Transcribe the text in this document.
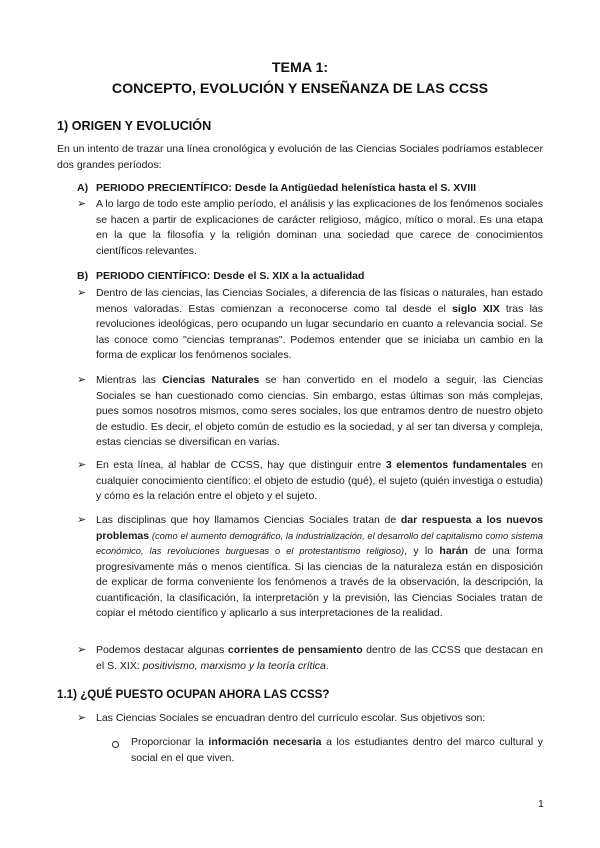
TEMA 1:
CONCEPTO, EVOLUCIÓN Y ENSEÑANZA DE LAS CCSS
1) ORIGEN Y EVOLUCIÓN

En un intento de trazar una línea cronológica y evolución de las Ciencias Sociales podríamos establecer dos grandes períodos:

A) PERIODO PRECIENTÍFICO: Desde la Antigüedad helenística hasta el S. XVIII
➢ A lo largo de todo este amplio período, el análisis y las explicaciones de los fenómenos sociales se hacen a partir de explicaciones de carácter religioso, mágico, mítico o moral. Es una etapa en la que la filosofía y la religión dominan una sociedad que carece de conocimientos científicos relevantes.

B) PERIODO CIENTÍFICO: Desde el S. XIX a la actualidad
➢ Dentro de las ciencias, las Ciencias Sociales, a diferencia de las físicas o naturales, han estado menos valoradas. Estas comienzan a reconocerse como tal desde el siglo XIX tras las revoluciones ideológicas, pero ocupando un lugar secundario en cuanto a relevancia social. Se las conoce como "ciencias tempranas". Podemos entender que se iniciaba un cambio en la forma de explicar los fenómenos sociales.

➢ Mientras las Ciencias Naturales se han convertido en el modelo a seguir, las Ciencias Sociales se han cuestionado como ciencias. Sin embargo, estas últimas son más complejas, pues somos nosotros mismos, como seres sociales, los que entramos dentro de nuestro objeto de estudio. Es decir, el objeto común de estudio es la sociedad, y al ser tan diversa y compleja, estas ciencias se diversifican en varias.

➢ En esta línea, al hablar de CCSS, hay que distinguir entre 3 elementos fundamentales en cualquier conocimiento científico: el objeto de estudio (qué), el sujeto (quién investiga o estudia) y cómo es la relación entre el objeto y el sujeto.

➢ Las disciplinas que hoy llamamos Ciencias Sociales tratan de dar respuesta a los nuevos problemas (como el aumento demográfico, la industrialización, el desarrollo del capitalismo como sistema económico, las revoluciones burguesas o el protestantismo religioso), y lo harán de una forma progresivamente más o menos científica. Si las ciencias de la naturaleza están en disposición de explicar de forma conveniente los fenómenos a través de la observación, la descripción, la cuantificación, la clasificación, la interpretación y la previsión, las Ciencias Sociales tratan de copiar el método científico y aplicarlo a sus interpretaciones de la realidad.

➢ Podemos destacar algunas corrientes de pensamiento dentro de las CCSS que destacan en el S. XIX: positivismo, marxismo y la teoría crítica.

1.1) ¿QUÉ PUESTO OCUPAN AHORA LAS CCSS?
➢ Las Ciencias Sociales se encuadran dentro del currículo escolar. Sus objetivos son:

Proporcionar la información necesaria a los estudiantes dentro del marco cultural y social en el que viven.

1
